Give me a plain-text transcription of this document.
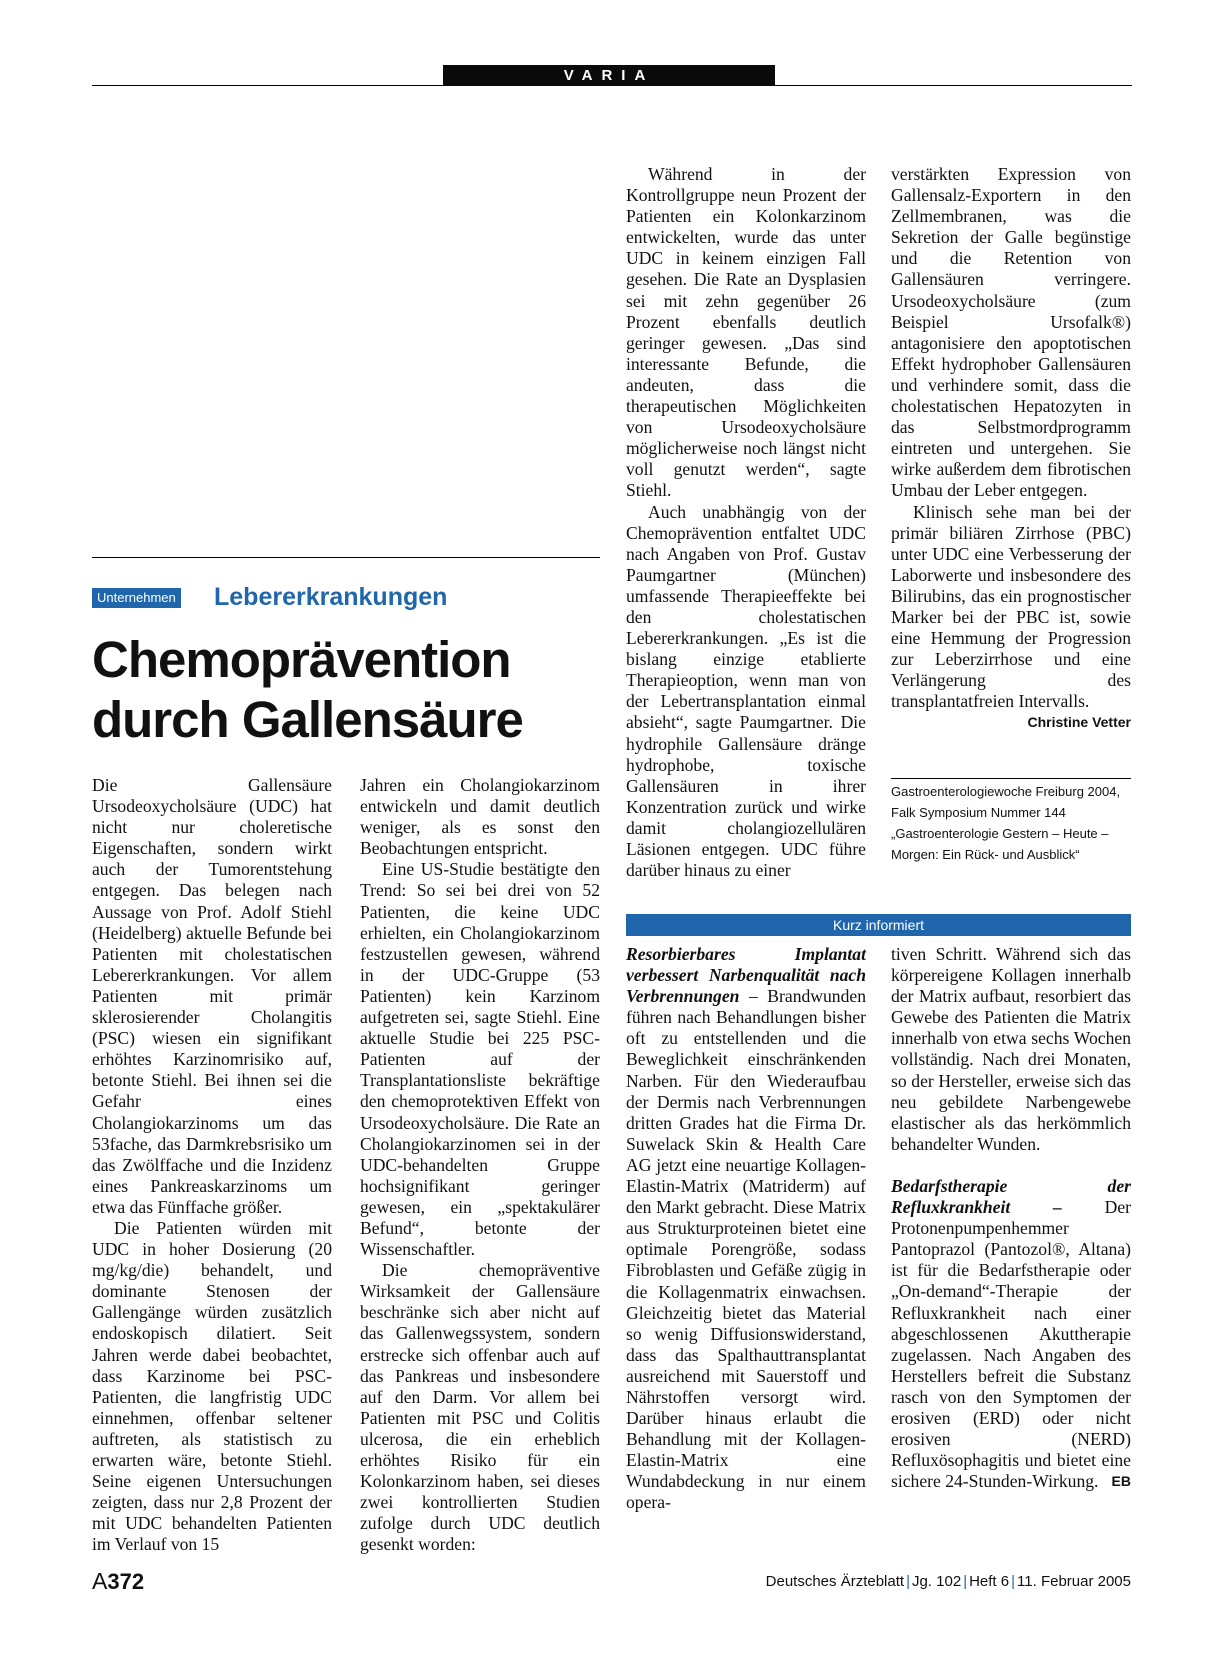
VARIA
Unternehmen Lebererkrankungen
Chemoprävention durch Gallensäure

Die Gallensäure Ursodeoxycholsäure (UDC) hat nicht nur choleretische Eigenschaften, sondern wirkt auch der Tumorentstehung entgegen. Das belegen nach Aussage von Prof. Adolf Stiehl (Heidelberg) aktuelle Befunde bei Patienten mit cholestatischen Lebererkrankungen. Vor allem Patienten mit primär sklerosierender Cholangitis (PSC) wiesen ein signifikant erhöhtes Karzinomrisiko auf, betonte Stiehl. Bei ihnen sei die Gefahr eines Cholangiokarzinoms um das 53fache, das Darmkrebsrisiko um das Zwölffache und die Inzidenz eines Pankreaskarzinoms um etwa das Fünffache größer.

Die Patienten würden mit UDC in hoher Dosierung (20 mg/kg/die) behandelt, und dominante Stenosen der Gallengänge würden zusätzlich endoskopisch dilatiert. Seit Jahren werde dabei beobachtet, dass Karzinome bei PSC-Patienten, die langfristig UDC einnehmen, offenbar seltener auftreten, als statistisch zu erwarten wäre, betonte Stiehl. Seine eigenen Untersuchungen zeigten, dass nur 2,8 Prozent der mit UDC behandelten Patienten im Verlauf von 15

Jahren ein Cholangiokarzinom entwickeln und damit deutlich weniger, als es sonst den Beobachtungen entspricht.

Eine US-Studie bestätigte den Trend: So sei bei drei von 52 Patienten, die keine UDC erhielten, ein Cholangiokarzinom festzustellen gewesen, während in der UDC-Gruppe (53 Patienten) kein Karzinom aufgetreten sei, sagte Stiehl. Eine aktuelle Studie bei 225 PSC-Patienten auf der Transplantationsliste bekräftige den chemoprotektiven Effekt von Ursodeoxycholsäure. Die Rate an Cholangiokarzinomen sei in der UDC-behandelten Gruppe hochsignifikant geringer gewesen, ein „spektakulärer Befund“, betonte der Wissenschaftler.

Die chemopräventive Wirksamkeit der Gallensäure beschränke sich aber nicht auf das Gallenwegssystem, sondern erstrecke sich offenbar auch auf das Pankreas und insbesondere auf den Darm. Vor allem bei Patienten mit PSC und Colitis ulcerosa, die ein erheblich erhöhtes Risiko für ein Kolonkarzinom haben, sei dieses zwei kontrollierten Studien zufolge durch UDC deutlich gesenkt worden:

Während in der Kontrollgruppe neun Prozent der Patienten ein Kolonkarzinom entwickelten, wurde das unter UDC in keinem einzigen Fall gesehen. Die Rate an Dysplasien sei mit zehn gegenüber 26 Prozent ebenfalls deutlich geringer gewesen. „Das sind interessante Befunde, die andeuten, dass die therapeutischen Möglichkeiten von Ursodeoxycholsäure möglicherweise noch längst nicht voll genutzt werden“, sagte Stiehl.

Auch unabhängig von der Chemoprävention entfaltet UDC nach Angaben von Prof. Gustav Paumgartner (München) umfassende Therapieeffekte bei den cholestatischen Lebererkrankungen. „Es ist die bislang einzige etablierte Therapieoption, wenn man von der Lebertransplantation einmal absieht“, sagte Paumgartner. Die hydrophile Gallensäure dränge hydrophobe, toxische Gallensäuren in ihrer Konzentration zurück und wirke damit cholangiozellulären Läsionen entgegen. UDC führe darüber hinaus zu einer

verstärkten Expression von Gallensalz-Exportern in den Zellmembranen, was die Sekretion der Galle begünstige und die Retention von Gallensäuren verringere. Ursodeoxycholsäure (zum Beispiel Ursofalk®) antagonisiere den apoptotischen Effekt hydrophober Gallensäuren und verhindere somit, dass die cholestatischen Hepatozyten in das Selbstmordprogramm eintreten und untergehen. Sie wirke außerdem dem fibrotischen Umbau der Leber entgegen.

Klinisch sehe man bei der primär biliären Zirrhose (PBC) unter UDC eine Verbesserung der Laborwerte und insbesondere des Bilirubins, das ein prognostischer Marker bei der PBC ist, sowie eine Hemmung der Progression zur Leberzirrhose und eine Verlängerung des transplantatfreien Intervalls.
Christine Vetter

Gastroenterologiewoche Freiburg 2004, Falk Symposium Nummer 144 „Gastroenterologie Gestern – Heute – Morgen: Ein Rück- und Ausblick“
Kurz informiert

Resorbierbares Implantat verbessert Narbenqualität nach Verbrennungen – Brandwunden führen nach Behandlungen bisher oft zu entstellenden und die Beweglichkeit einschränkenden Narben. Für den Wiederaufbau der Dermis nach Verbrennungen dritten Grades hat die Firma Dr. Suwelack Skin & Health Care AG jetzt eine neuartige Kollagen-Elastin-Matrix (Matriderm) auf den Markt gebracht. Diese Matrix aus Strukturproteinen bietet eine optimale Porengröße, sodass Fibroblasten und Gefäße zügig in die Kollagenmatrix einwachsen. Gleichzeitig bietet das Material so wenig Diffusionswiderstand, dass das Spalthauttransplantat ausreichend mit Sauerstoff und Nährstoffen versorgt wird. Darüber hinaus erlaubt die Behandlung mit der Kollagen-Elastin-Matrix eine Wundabdeckung in nur einem opera-

tiven Schritt. Während sich das körpereigene Kollagen innerhalb der Matrix aufbaut, resorbiert das Gewebe des Patienten die Matrix innerhalb von etwa sechs Wochen vollständig. Nach drei Monaten, so der Hersteller, erweise sich das neu gebildete Narbengewebe elastischer als das herkömmlich behandelter Wunden.

Bedarfstherapie der Refluxkrankheit – Der Protonenpumpenhemmer Pantoprazol (Pantozol®, Altana) ist für die Bedarfstherapie oder „On-demand“-Therapie der Refluxkrankheit nach einer abgeschlossenen Akuttherapie zugelassen. Nach Angaben des Herstellers befreit die Substanz rasch von den Symptomen der erosiven (ERD) oder nicht erosiven (NERD) Refluxösophagitis und bietet eine sichere 24-Stunden-Wirkung. EB

A372	Deutsches Ärzteblatt | Jg. 102 | Heft 6 | 11. Februar 2005
